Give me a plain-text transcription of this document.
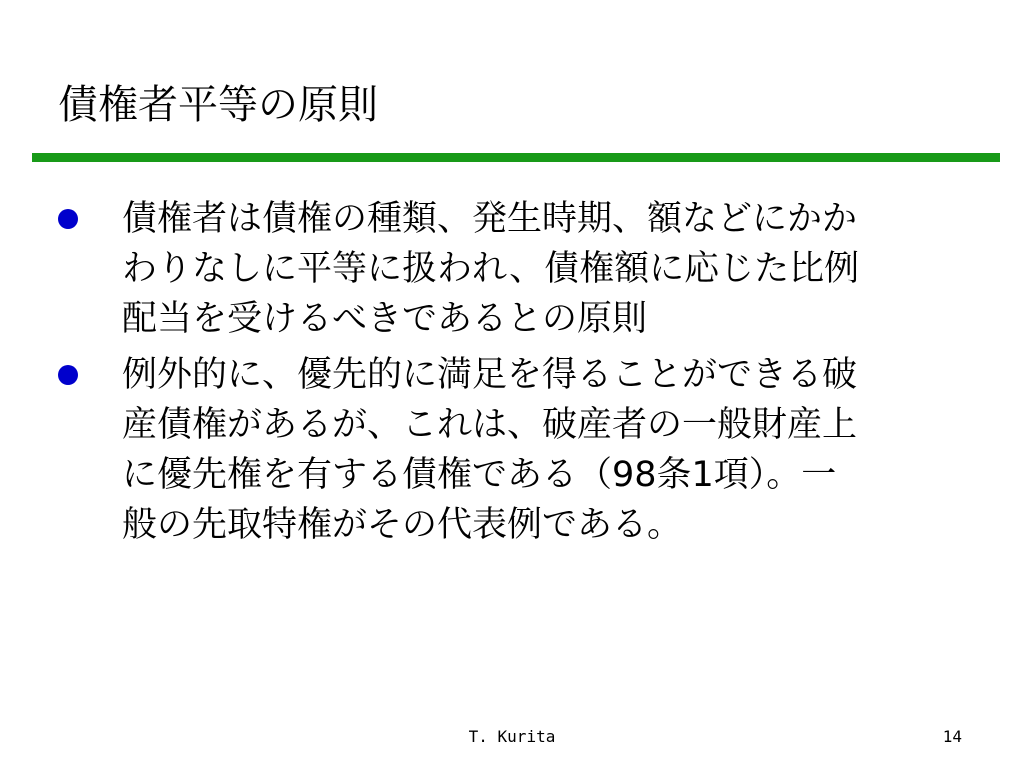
債権者平等の原則
債権者は債権の種類、発生時期、額などにかか
わりなしに平等に扱われ、債権額に応じた比例
配当を受けるべきであるとの原則
例外的に、優先的に満足を得ることができる破
産債権があるが、これは、破産者の一般財産上
に優先権を有する債権である（98条1項）。一
般の先取特権がその代表例である。
T. Kurita	14
